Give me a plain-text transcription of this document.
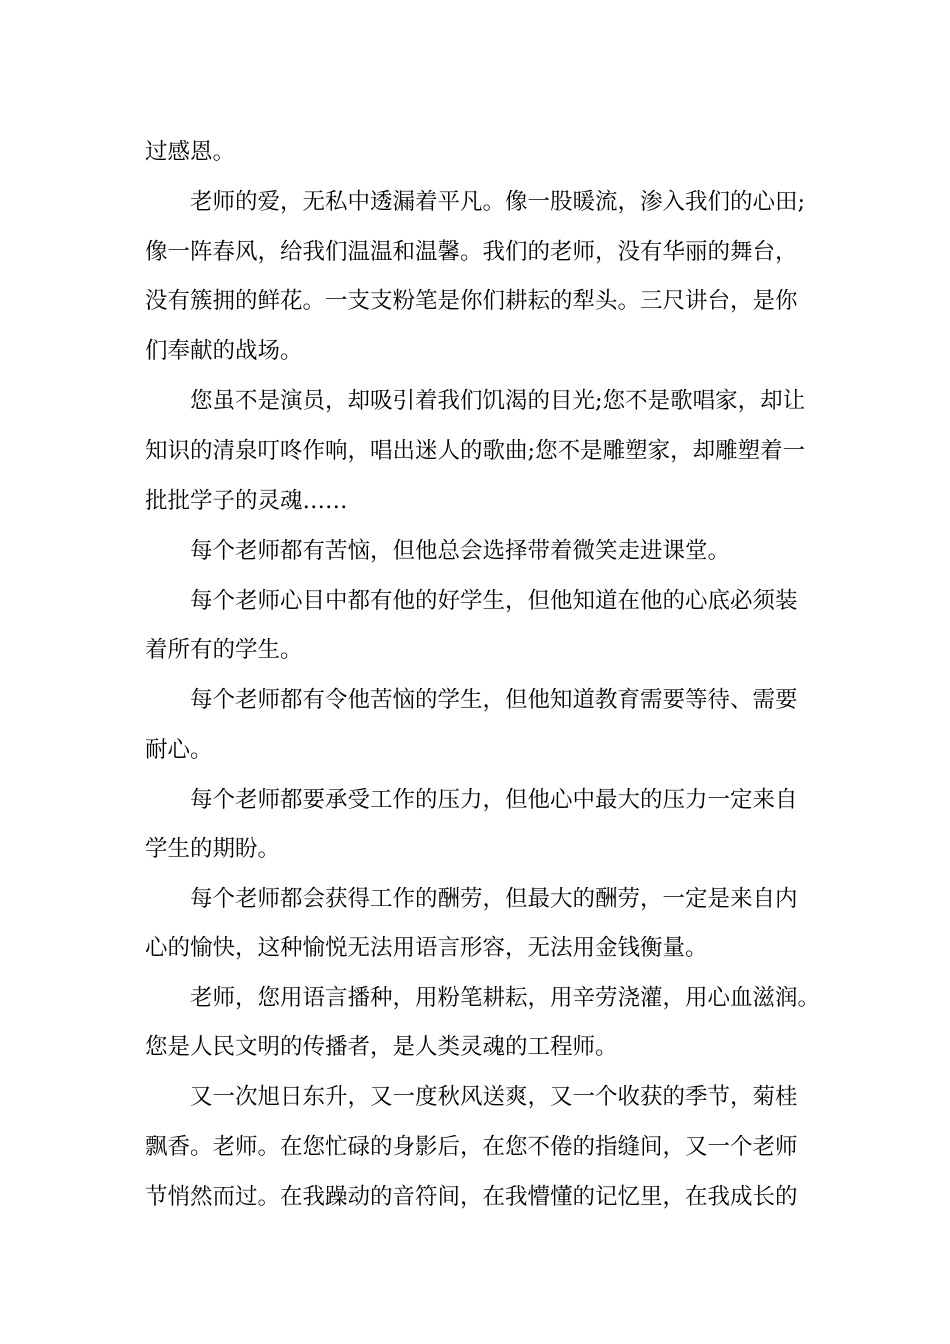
过感恩。
老师的爱，无私中透漏着平凡。像一股暖流，渗入我们的心田;
像一阵春风，给我们温温和温馨。我们的老师，没有华丽的舞台，
没有簇拥的鲜花。一支支粉笔是你们耕耘的犁头。三尺讲台，是你
们奉献的战场。
您虽不是演员，却吸引着我们饥渴的目光;您不是歌唱家，却让
知识的清泉叮咚作响，唱出迷人的歌曲;您不是雕塑家，却雕塑着一
批批学子的灵魂……
每个老师都有苦恼，但他总会选择带着微笑走进课堂。
每个老师心目中都有他的好学生，但他知道在他的心底必须装
着所有的学生。
每个老师都有令他苦恼的学生，但他知道教育需要等待、需要
耐心。
每个老师都要承受工作的压力，但他心中最大的压力一定来自
学生的期盼。
每个老师都会获得工作的酬劳，但最大的酬劳，一定是来自内
心的愉快，这种愉悦无法用语言形容，无法用金钱衡量。
老师，您用语言播种，用粉笔耕耘，用辛劳浇灌，用心血滋润。
您是人民文明的传播者，是人类灵魂的工程师。
又一次旭日东升，又一度秋风送爽，又一个收获的季节，菊桂
飘香。老师。在您忙碌的身影后，在您不倦的指缝间，又一个老师
节悄然而过。在我躁动的音符间，在我懵懂的记忆里，在我成长的
